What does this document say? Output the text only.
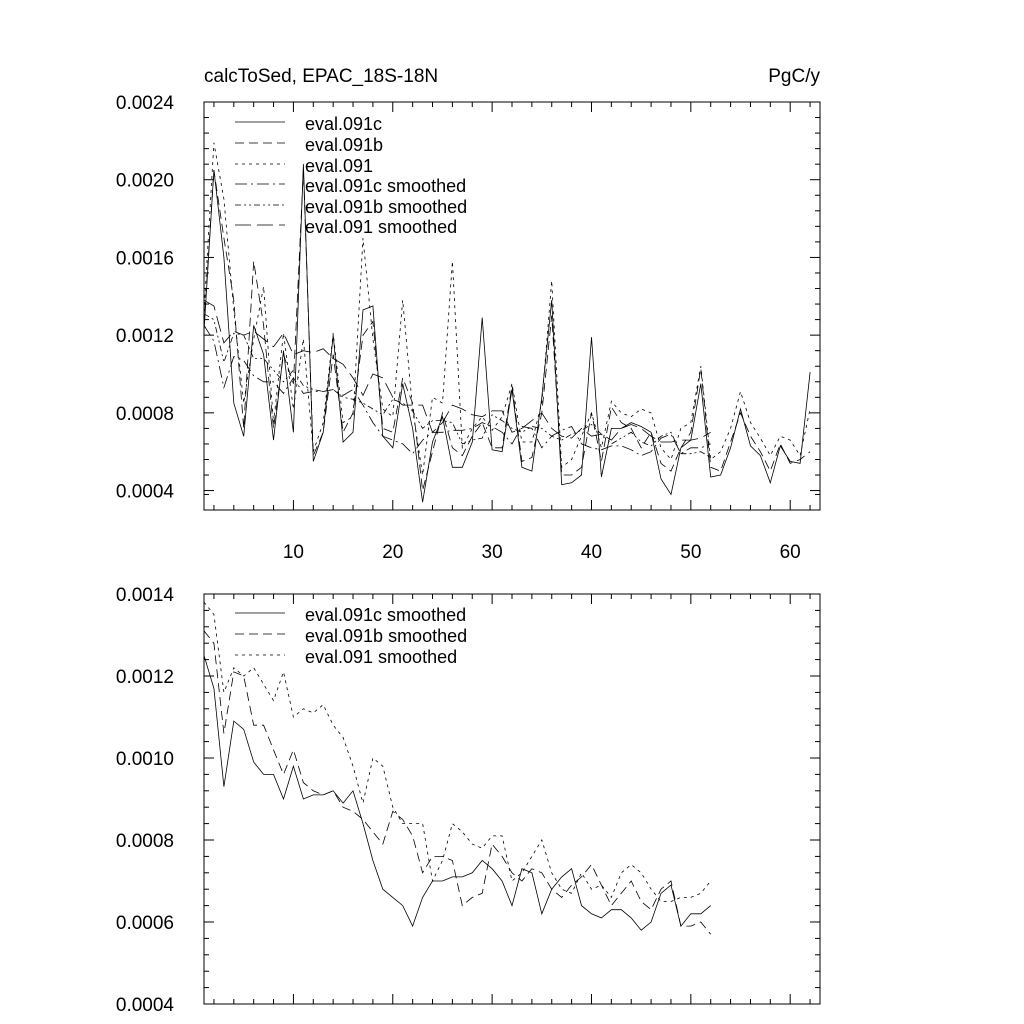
calcToSed, EPAC_18S-18N	PgC/y
0.0004
0.0008
0.0012
0.0016
0.0020
0.0024
10	20	30	40	50	60
eval.091c
eval.091b
eval.091
eval.091c smoothed
eval.091b smoothed
eval.091 smoothed
0.0004
0.0006
0.0008
0.0010
0.0012
0.0014
eval.091c smoothed
eval.091b smoothed
eval.091 smoothed
